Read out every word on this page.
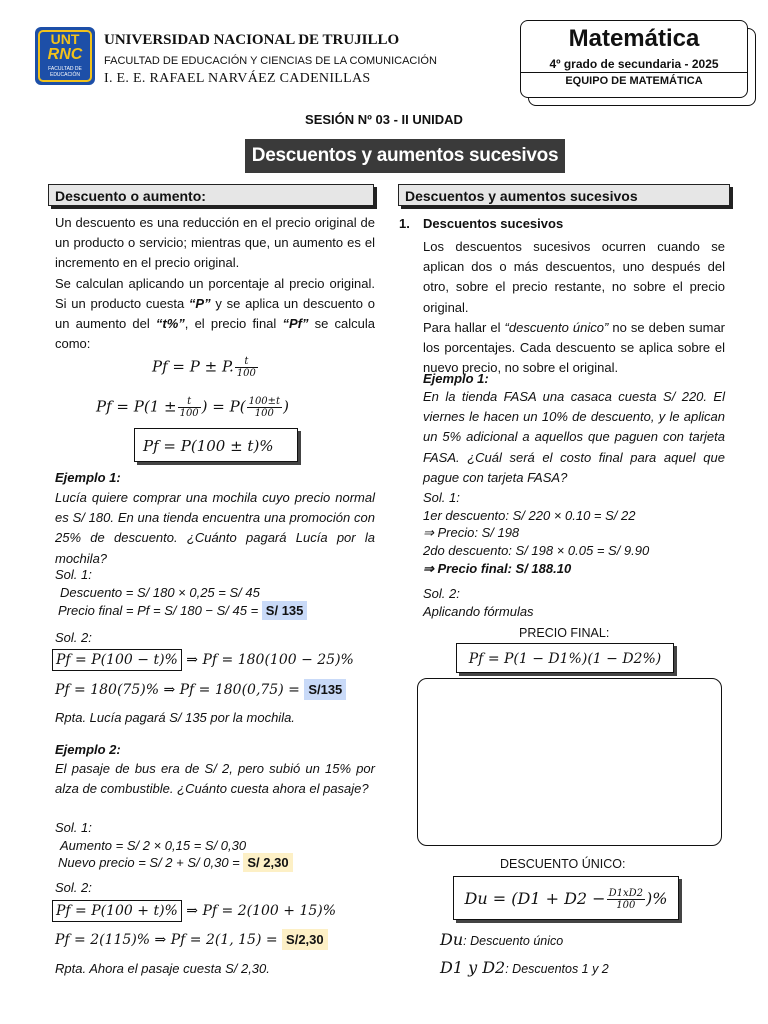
UNT
RNC
FACULTAD DE
EDUCACIÓN
UNIVERSIDAD NACIONAL DE TRUJILLO
FACULTAD DE EDUCACIÓN Y CIENCIAS DE LA COMUNICACIÓN
I. E. E. RAFAEL NARVÁEZ CADENILLAS
Matemática
4º grado de secundaria - 2025
EQUIPO DE MATEMÁTICA
SESIÓN Nº 03 - II UNIDAD
Descuentos y aumentos sucesivos
Descuento o aumento:
Un descuento es una reducción en el precio original de un producto o servicio; mientras que, un aumento es el incremento en el precio original.
Se calculan aplicando un porcentaje al precio original. Si un producto cuesta “P” y se aplica un descuento o un aumento del “t%”, el precio final “Pf” se calcula como:
Pf = P ± P. $\frac{t}{100}$
$Pf = P(1 \pm \frac{t}{100}$ ) = $P( \frac{100\pm t}{100}$ )
Pf = P(100 ± t)%
Ejemplo 1:
Lucía quiere comprar una mochila cuyo precio normal es S/ 180. En una tienda encuentra una promoción con 25% de descuento. ¿Cuánto pagará Lucía por la mochila?
Sol. 1:
Descuento = S/ 180 × 0,25 = S/ 45
Precio final = Pf = S/ 180 − S/ 45 = S/ 135
Sol. 2:
Pf = P(100 − t)% ⇒ Pf = 180(100 − 25)%
Pf = 180(75)% ⇒ Pf = 180(0,75) = S/135
Rpta. Lucía pagará S/ 135 por la mochila.
Ejemplo 2:
El pasaje de bus era de S/ 2, pero subió un 15% por alza de combustible. ¿Cuánto cuesta ahora el pasaje?
Sol. 1:
Aumento = S/ 2 × 0,15 = S/ 0,30
Nuevo precio = S/ 2 + S/ 0,30 = S/ 2,30
Sol. 2:
Pf = P(100 + t)% ⇒ Pf = 2(100 + 15)%
Pf = 2(115)% ⇒ Pf = 2(1, 15) = S/2,30
Rpta. Ahora el pasaje cuesta S/ 2,30.
Descuentos y aumentos sucesivos
1. Descuentos sucesivos
Los descuentos sucesivos ocurren cuando se aplican dos o más descuentos, uno después del otro, sobre el precio restante, no sobre el precio original.
Para hallar el “descuento único” no se deben sumar los porcentajes. Cada descuento se aplica sobre el nuevo precio, no sobre el original.
Ejemplo 1:
En la tienda FASA una casaca cuesta S/ 220. El viernes le hacen un 10% de descuento, y le aplican un 5% adicional a aquellos que paguen con tarjeta FASA. ¿Cuál será el costo final para aquel que pague con tarjeta FASA?
Sol. 1:
1er descuento: S/ 220 × 0.10 = S/ 22
⇒ Precio: S/ 198
2do descuento: S/ 198 × 0.05 = S/ 9.90
⇒ Precio final: S/ 188.10
Sol. 2:
Aplicando fórmulas
PRECIO FINAL:
Pf = P(1 − D1%)(1 − D2%)
DESCUENTO ÚNICO:
$Du = (D1 + D2 - \frac{D1xD2}{100}$ )%
Du: Descuento único
D1 y D2: Descuentos 1 y 2
